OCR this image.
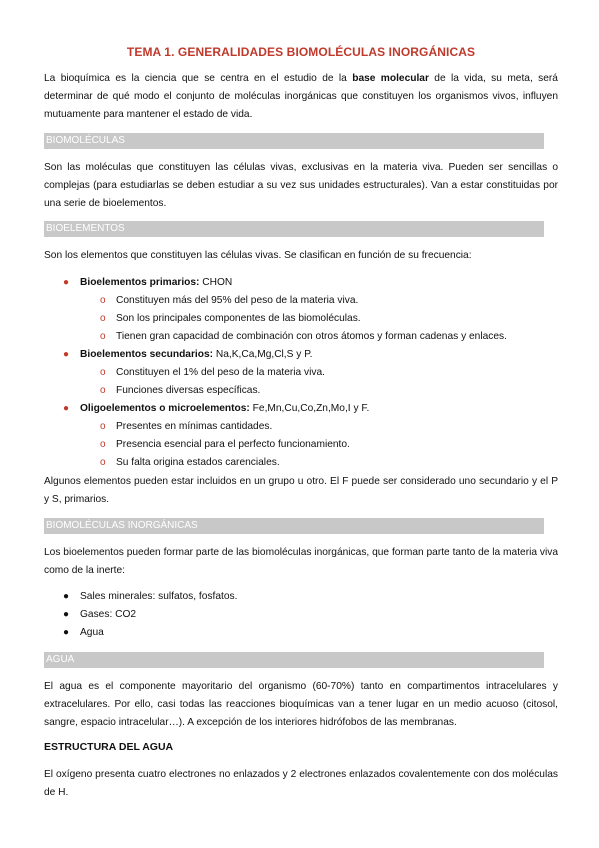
TEMA 1. GENERALIDADES BIOMOLÉCULAS INORGÁNICAS
La bioquímica es la ciencia que se centra en el estudio de la base molecular de la vida, su meta, será determinar de qué modo el conjunto de moléculas inorgánicas que constituyen los organismos vivos, influyen mutuamente para mantener el estado de vida.
BIOMOLÉCULAS
Son las moléculas que constituyen las células vivas, exclusivas en la materia viva. Pueden ser sencillas o complejas (para estudiarlas se deben estudiar a su vez sus unidades estructurales). Van a estar constituidas por una serie de bioelementos.
BIOELEMENTOS
Son los elementos que constituyen las células vivas. Se clasifican en función de su frecuencia:
● Bioelementos primarios: CHON
o Constituyen más del 95% del peso de la materia viva.
o Son los principales componentes de las biomoléculas.
o Tienen gran capacidad de combinación con otros átomos y forman cadenas y enlaces.
● Bioelementos secundarios: Na,K,Ca,Mg,Cl,S y P.
o Constituyen el 1% del peso de la materia viva.
o Funciones diversas específicas.
● Oligoelementos o microelementos: Fe,Mn,Cu,Co,Zn,Mo,I y F.
o Presentes en mínimas cantidades.
o Presencia esencial para el perfecto funcionamiento.
o Su falta origina estados carenciales.
Algunos elementos pueden estar incluidos en un grupo u otro. El F puede ser considerado uno secundario y el P y S, primarios.
BIOMOLÉCULAS INORGÁNICAS
Los bioelementos pueden formar parte de las biomoléculas inorgánicas, que forman parte tanto de la materia viva como de la inerte:
● Sales minerales: sulfatos, fosfatos.
● Gases: CO2
● Agua
AGUA
El agua es el componente mayoritario del organismo (60-70%) tanto en compartimentos intracelulares y extracelulares. Por ello, casi todas las reacciones bioquímicas van a tener lugar en un medio acuoso (citosol, sangre, espacio intracelular…). A excepción de los interiores hidrófobos de las membranas.
ESTRUCTURA DEL AGUA
El oxígeno presenta cuatro electrones no enlazados y 2 electrones enlazados covalentemente con dos moléculas de H.
